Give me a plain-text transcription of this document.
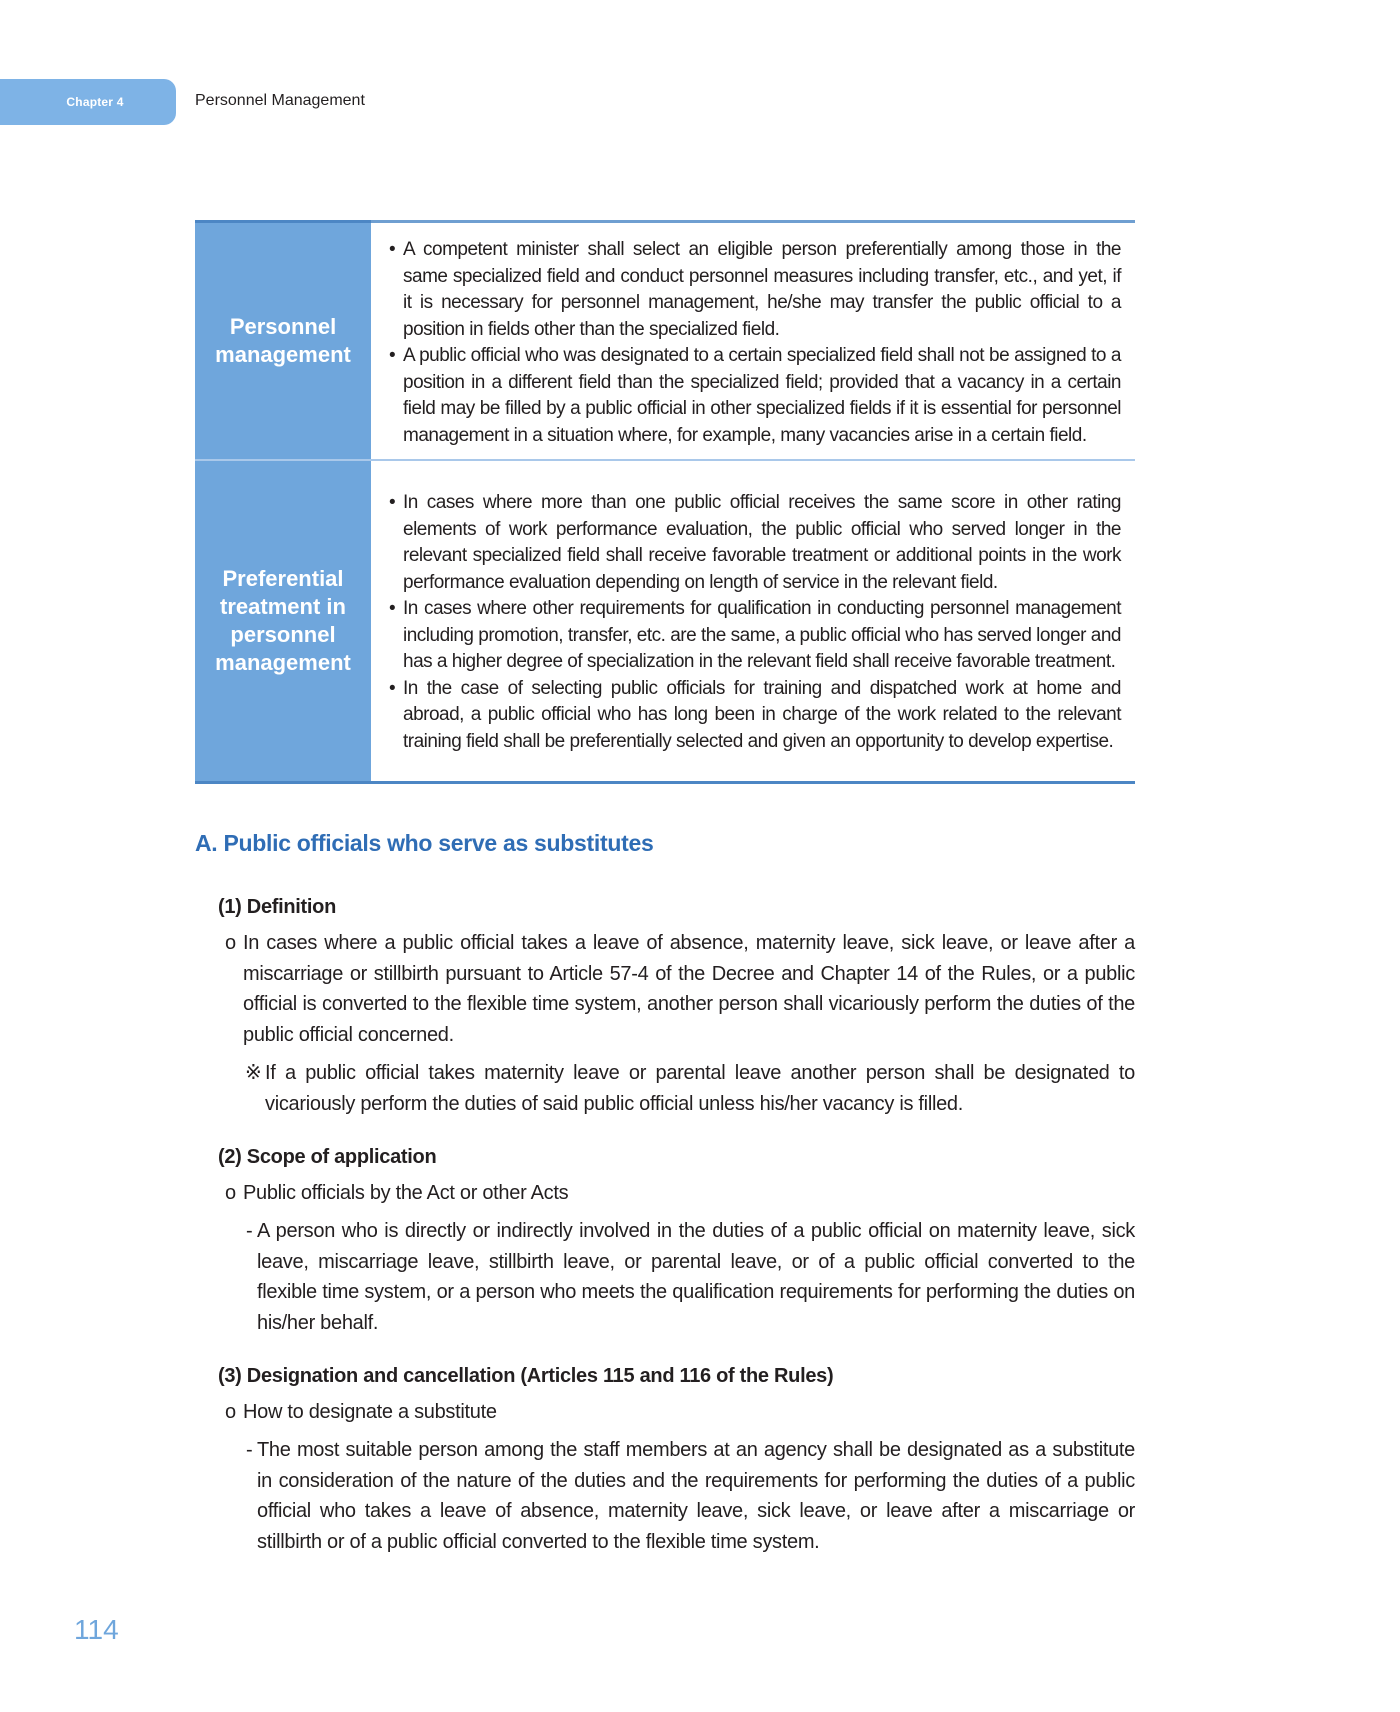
Chapter 4	Personnel Management
Personnel management	• A competent minister shall select an eligible person preferentially among those in the same specialized field and conduct personnel measures including transfer, etc., and yet, if it is necessary for personnel management, he/she may transfer the public official to a position in fields other than the specialized field.
• A public official who was designated to a certain specialized field shall not be assigned to a position in a different field than the specialized field; provided that a vacancy in a certain field may be filled by a public official in other specialized fields if it is essential for personnel management in a situation where, for example, many vacancies arise in a certain field.

Preferential treatment in personnel management	• In cases where more than one public official receives the same score in other rating elements of work performance evaluation, the public official who served longer in the relevant specialized field shall receive favorable treatment or additional points in the work performance evaluation depending on length of service in the relevant field.
• In cases where other requirements for qualification in conducting personnel management including promotion, transfer, etc. are the same, a public official who has served longer and has a higher degree of specialization in the relevant field shall receive favorable treatment.
• In the case of selecting public officials for training and dispatched work at home and abroad, a public official who has long been in charge of the work related to the relevant training field shall be preferentially selected and given an opportunity to develop expertise.
A. Public officials who serve as substitutes
(1) Definition
o In cases where a public official takes a leave of absence, maternity leave, sick leave, or leave after a miscarriage or stillbirth pursuant to Article 57-4 of the Decree and Chapter 14 of the Rules, or a public official is converted to the flexible time system, another person shall vicariously perform the duties of the public official concerned.
※ If a public official takes maternity leave or parental leave another person shall be designated to vicariously perform the duties of said public official unless his/her vacancy is filled.
(2) Scope of application
o Public officials by the Act or other Acts
- A person who is directly or indirectly involved in the duties of a public official on maternity leave, sick leave, miscarriage leave, stillbirth leave, or parental leave, or of a public official converted to the flexible time system, or a person who meets the qualification requirements for performing the duties on his/her behalf.
(3) Designation and cancellation (Articles 115 and 116 of the Rules)
o How to designate a substitute
- The most suitable person among the staff members at an agency shall be designated as a substitute in consideration of the nature of the duties and the requirements for performing the duties of a public official who takes a leave of absence, maternity leave, sick leave, or leave after a miscarriage or stillbirth or of a public official converted to the flexible time system.
114
